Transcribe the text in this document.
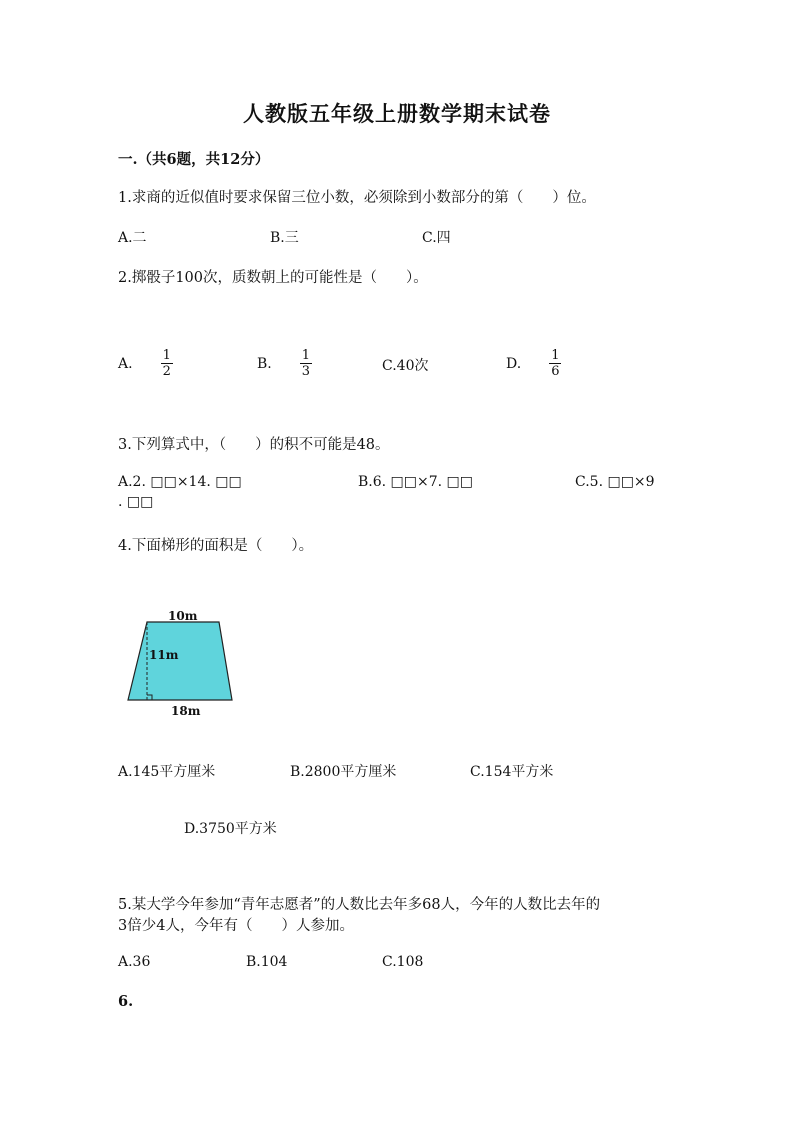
人教版五年级上册数学期末试卷
一.（共6题，共12分）
1.求商的近似值时要求保留三位小数，必须除到小数部分的第（　　）位。
A.二	B.三	C.四
2.掷骰子100次，质数朝上的可能性是（　　）。
A. $\frac{1}{2}$	B. $\frac{1}{3}$	C.40次	D. $\frac{1}{6}$
3.下列算式中，（　　）的积不可能是48。
A.2. □□×14. □□	B.6. □□×7. □□	C.5. □□×9
. □□
4.下面梯形的面积是（　　）。
10m
11m
18m
A.145平方厘米	B.2800平方厘米	C.154平方米
D.3750平方米
5.某大学今年参加“青年志愿者”的人数比去年多68人，今年的人数比去年的
3倍少4人，今年有（　　）人参加。
A.36	B.104	C.108
6.
